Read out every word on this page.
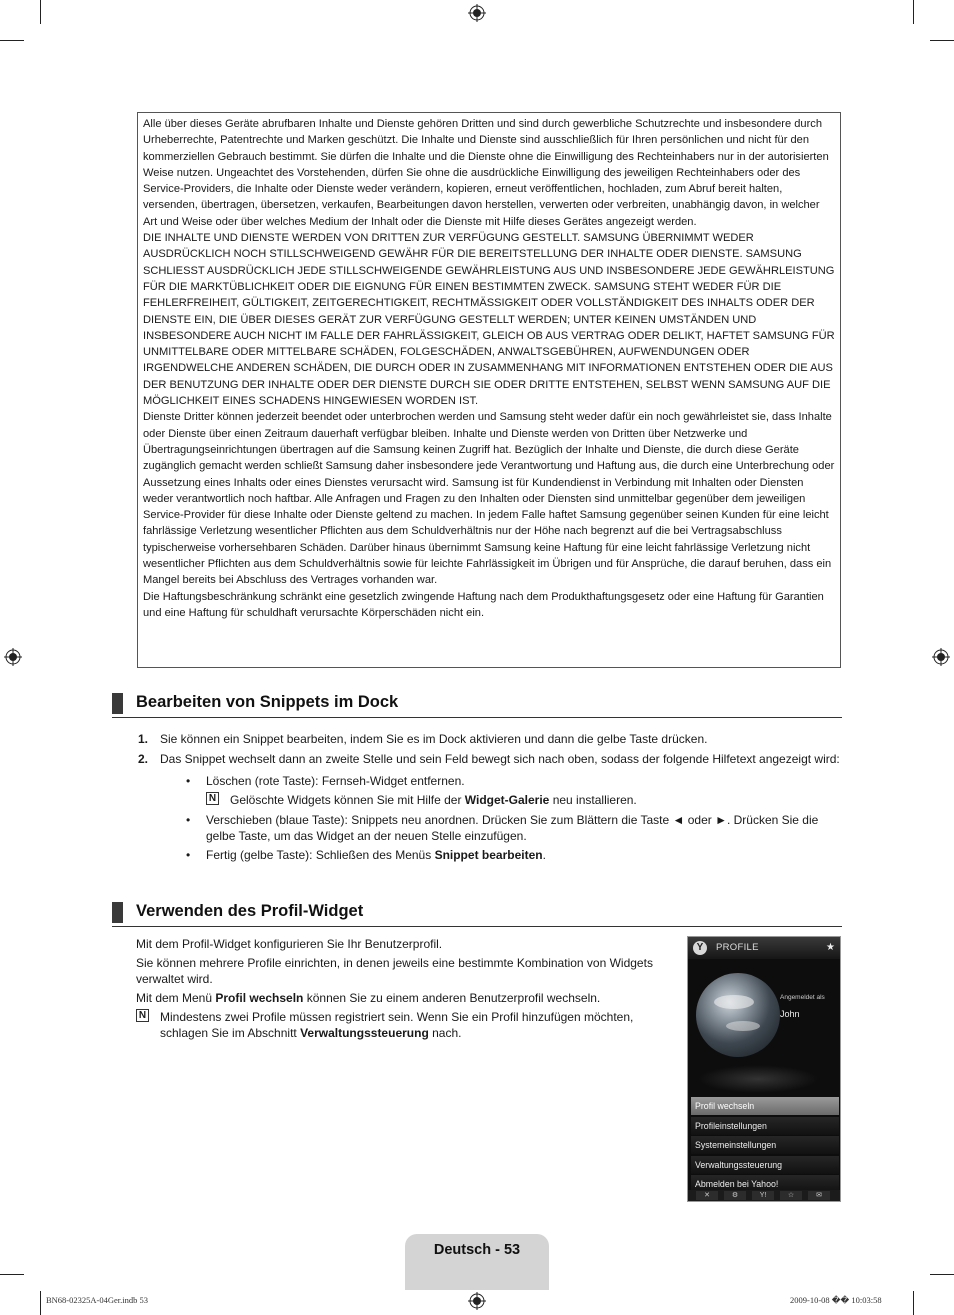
Alle über dieses Geräte abrufbaren Inhalte und Dienste gehören Dritten und sind durch gewerbliche Schutzrechte und insbesondere durch Urheberrechte, Patentrechte und Marken geschützt. Die Inhalte und Dienste sind ausschließlich für Ihren persönlichen und nicht für den kommerziellen Gebrauch bestimmt. Sie dürfen die Inhalte und die Dienste ohne die Einwilligung des Rechteinhabers nur in der autorisierten Weise nutzen. Ungeachtet des Vorstehenden, dürfen Sie ohne die ausdrückliche Einwilligung des jeweiligen Rechteinhabers oder des Service-Providers, die Inhalte oder Dienste weder verändern, kopieren, erneut veröffentlichen, hochladen, zum Abruf bereit halten, versenden, übertragen, übersetzen, verkaufen, Bearbeitungen davon herstellen, verwerten oder verbreiten, unabhängig davon, in welcher Art und Weise oder über welches Medium der Inhalt oder die Dienste mit Hilfe dieses Gerätes angezeigt werden.

DIE INHALTE UND DIENSTE WERDEN VON DRITTEN ZUR VERFÜGUNG GESTELLT. SAMSUNG ÜBERNIMMT WEDER AUSDRÜCKLICH NOCH STILLSCHWEIGEND GEWÄHR FÜR DIE BEREITSTELLUNG DER INHALTE ODER DIENSTE. SAMSUNG SCHLIESST AUSDRÜCKLICH JEDE STILLSCHWEIGENDE GEWÄHRLEISTUNG AUS UND INSBESONDERE JEDE GEWÄHRLEISTUNG FÜR DIE MARKTÜBLICHKEIT ODER DIE EIGNUNG FÜR EINEN BESTIMMTEN ZWECK. SAMSUNG STEHT WEDER FÜR DIE FEHLERFREIHEIT, GÜLTIGKEIT, ZEITGERECHTIGKEIT, RECHTMÄSSIGKEIT ODER VOLLSTÄNDIGKEIT DES INHALTS ODER DER DIENSTE EIN, DIE ÜBER DIESES GERÄT ZUR VERFÜGUNG GESTELLT WERDEN; UNTER KEINEN UMSTÄNDEN UND INSBESONDERE AUCH NICHT IM FALLE DER FAHRLÄSSIGKEIT, GLEICH OB AUS VERTRAG ODER DELIKT, HAFTET SAMSUNG FÜR UNMITTELBARE ODER MITTELBARE SCHÄDEN, FOLGESCHÄDEN, ANWALTSGEBÜHREN, AUFWENDUNGEN ODER IRGENDWELCHE ANDEREN SCHÄDEN, DIE DURCH ODER IN ZUSAMMENHANG MIT INFORMATIONEN ENTSTEHEN ODER DIE AUS DER BENUTZUNG DER INHALTE ODER DER DIENSTE DURCH SIE ODER DRITTE ENTSTEHEN, SELBST WENN SAMSUNG AUF DIE MÖGLICHKEIT EINES SCHADENS HINGEWIESEN WORDEN IST.

Dienste Dritter können jederzeit beendet oder unterbrochen werden und Samsung steht weder dafür ein noch gewährleistet sie, dass Inhalte oder Dienste über einen Zeitraum dauerhaft verfügbar bleiben. Inhalte und Dienste werden von Dritten über Netzwerke und Übertragungseinrichtungen übertragen auf die Samsung keinen Zugriff hat. Bezüglich der Inhalte und Dienste, die durch diese Geräte zugänglich gemacht werden schließt Samsung daher insbesondere jede Verantwortung und Haftung aus, die durch eine Unterbrechung oder Aussetzung eines Inhalts oder eines Dienstes verursacht wird. Samsung ist für Kundendienst in Verbindung mit Inhalten oder Diensten weder verantwortlich noch haftbar. Alle Anfragen und Fragen zu den Inhalten oder Diensten sind unmittelbar gegenüber dem jeweiligen Service-Provider für diese Inhalte oder Dienste geltend zu machen. In jedem Falle haftet Samsung gegenüber seinen Kunden für eine leicht fahrlässige Verletzung wesentlicher Pflichten aus dem Schuldverhältnis nur der Höhe nach begrenzt auf die bei Vertragsabschluss typischerweise vorhersehbaren Schäden. Darüber hinaus übernimmt Samsung keine Haftung für eine leicht fahrlässige Verletzung nicht wesentlicher Pflichten aus dem Schuldverhältnis sowie für leichte Fahrlässigkeit im Übrigen und für Ansprüche, die darauf beruhen, dass ein Mangel bereits bei Abschluss des Vertrages vorhanden war.

Die Haftungsbeschränkung schränkt eine gesetzlich zwingende Haftung nach dem Produkthaftungsgesetz oder eine Haftung für Garantien und eine Haftung für schuldhaft verursachte Körperschäden nicht ein.

Bearbeiten von Snippets im Dock
1. Sie können ein Snippet bearbeiten, indem Sie es im Dock aktivieren und dann die gelbe Taste drücken.
2. Das Snippet wechselt dann an zweite Stelle und sein Feld bewegt sich nach oben, sodass der folgende Hilfetext angezeigt wird:
• Löschen (rote Taste): Fernseh-Widget entfernen.
N Gelöschte Widgets können Sie mit Hilfe der Widget-Galerie neu installieren.
• Verschieben (blaue Taste): Snippets neu anordnen. Drücken Sie zum Blättern die Taste ◄ oder ►. Drücken Sie die gelbe Taste, um das Widget an der neuen Stelle einzufügen.
• Fertig (gelbe Taste): Schließen des Menüs Snippet bearbeiten.
Verwenden des Profil-Widget

Mit dem Profil-Widget konfigurieren Sie Ihr Benutzerprofil.

Sie können mehrere Profile einrichten, in denen jeweils eine bestimmte Kombination von Widgets verwaltet wird.

Mit dem Menü Profil wechseln können Sie zu einem anderen Benutzerprofil wechseln.

N Mindestens zwei Profile müssen registriert sein. Wenn Sie ein Profil hinzufügen möchten, schlagen Sie im Abschnitt Verwaltungssteuerung nach.
Y	PROFILE	★
Angemeldet als
John
Profil wechseln
Profileinstellungen
Systemeinstellungen
Verwaltungssteuerung
Abmelden bei Yahoo!
✕	⚙	Y!	☆	✉
Deutsch - 53
BN68-02325A-04Ger.indb 53	2009-10-08 �� 10:03:58
